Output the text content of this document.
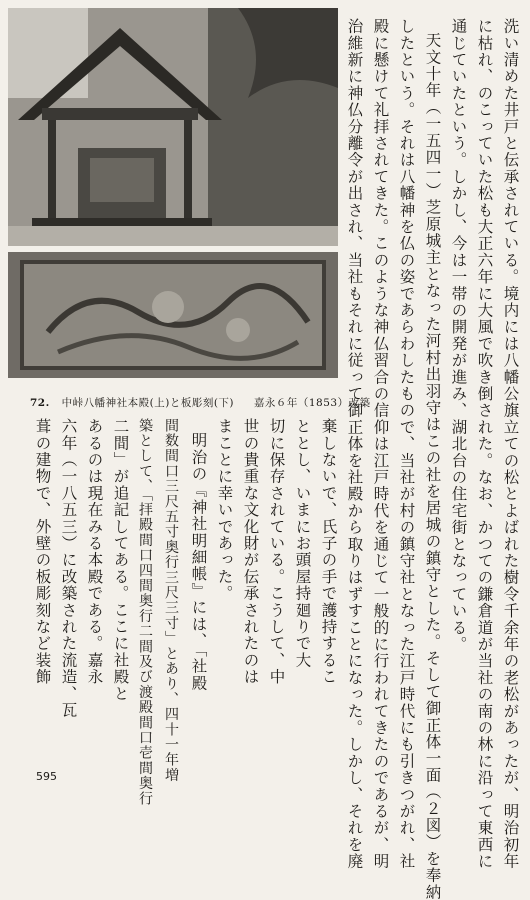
72. 中峠八幡神社本殿(上)と板彫刻(下) 嘉永６年（1853）改築	洗い清めた井戸と伝承されている。境内には八幡公旗立ての松とよばれた樹令千余年の老松があったが、明治初年
に枯れ、のこっていた松も大正六年に大風で吹き倒された。なお、かつての鎌倉道が当社の南の林に沿って東西に
通じていたという。しかし、今は一帯の開発が進み、湖北台の住宅街となっている。
天文十年（一五四一）芝原城主となった河村出羽守はこの社を居城の鎮守とした。そして御正体一面（２図）を奉納
したという。それは八幡神を仏の姿であらわしたもので、当社が村の鎮守社となった江戸時代にも引きつがれ、社
殿に懸けて礼拝されてきた。このような神仏習合の信仰は江戸時代を通じて一般的に行われてきたのであるが、明
治維新に神仏分離令が出され、当社もそれに従って御正体を社殿から取りはずすことになった。しかし、それを廃
棄しないで、氏子の手で護持するこ
ととし、いまにお頭屋持廻りで大
切に保存されている。こうして、中
世の貴重な文化財が伝承されたのは
まことに幸いであった。
明治の『神社明細帳』には、「社殿
間数間口三尺五寸奥行三尺三寸」とあり、四十一年増
築として、「拝殿間口四間奥行二間及び渡殿間口壱間奥行
二間」が追記してある。ここに社殿と
あるのは現在みる本殿である。嘉永
六年（一八五三）に改築された流造、瓦
葺の建物で、外壁の板彫刻など装飾
595
